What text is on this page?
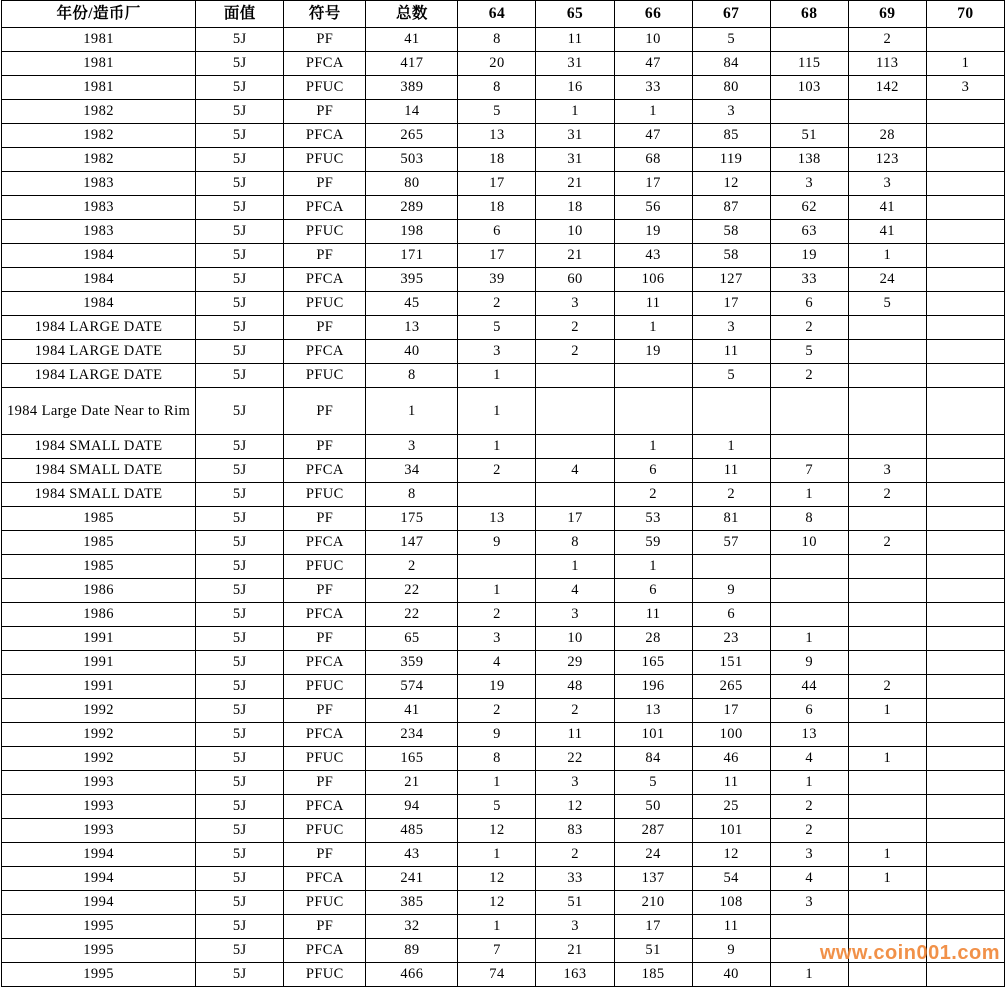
年份/造币厂	面值	符号	总数	64	65	66	67	68	69	70
1981	5J	PF	41	8	11	10	5		2	
1981	5J	PFCA	417	20	31	47	84	115	113	1
1981	5J	PFUC	389	8	16	33	80	103	142	3
1982	5J	PF	14	5	1	1	3			
1982	5J	PFCA	265	13	31	47	85	51	28	
1982	5J	PFUC	503	18	31	68	119	138	123	
1983	5J	PF	80	17	21	17	12	3	3	
1983	5J	PFCA	289	18	18	56	87	62	41	
1983	5J	PFUC	198	6	10	19	58	63	41	
1984	5J	PF	171	17	21	43	58	19	1	
1984	5J	PFCA	395	39	60	106	127	33	24	
1984	5J	PFUC	45	2	3	11	17	6	5	
1984 LARGE DATE	5J	PF	13	5	2	1	3	2		
1984 LARGE DATE	5J	PFCA	40	3	2	19	11	5		
1984 LARGE DATE	5J	PFUC	8	1			5	2		
1984 Large Date Near to Rim	5J	PF	1	1						
1984 SMALL DATE	5J	PF	3	1		1	1			
1984 SMALL DATE	5J	PFCA	34	2	4	6	11	7	3	
1984 SMALL DATE	5J	PFUC	8			2	2	1	2	
1985	5J	PF	175	13	17	53	81	8		
1985	5J	PFCA	147	9	8	59	57	10	2	
1985	5J	PFUC	2		1	1				
1986	5J	PF	22	1	4	6	9			
1986	5J	PFCA	22	2	3	11	6			
1991	5J	PF	65	3	10	28	23	1		
1991	5J	PFCA	359	4	29	165	151	9		
1991	5J	PFUC	574	19	48	196	265	44	2	
1992	5J	PF	41	2	2	13	17	6	1	
1992	5J	PFCA	234	9	11	101	100	13		
1992	5J	PFUC	165	8	22	84	46	4	1	
1993	5J	PF	21	1	3	5	11	1		
1993	5J	PFCA	94	5	12	50	25	2		
1993	5J	PFUC	485	12	83	287	101	2		
1994	5J	PF	43	1	2	24	12	3	1	
1994	5J	PFCA	241	12	33	137	54	4	1	
1994	5J	PFUC	385	12	51	210	108	3		
1995	5J	PF	32	1	3	17	11			
1995	5J	PFCA	89	7	21	51	9			
1995	5J	PFUC	466	74	163	185	40	1		
www.coin001.com
